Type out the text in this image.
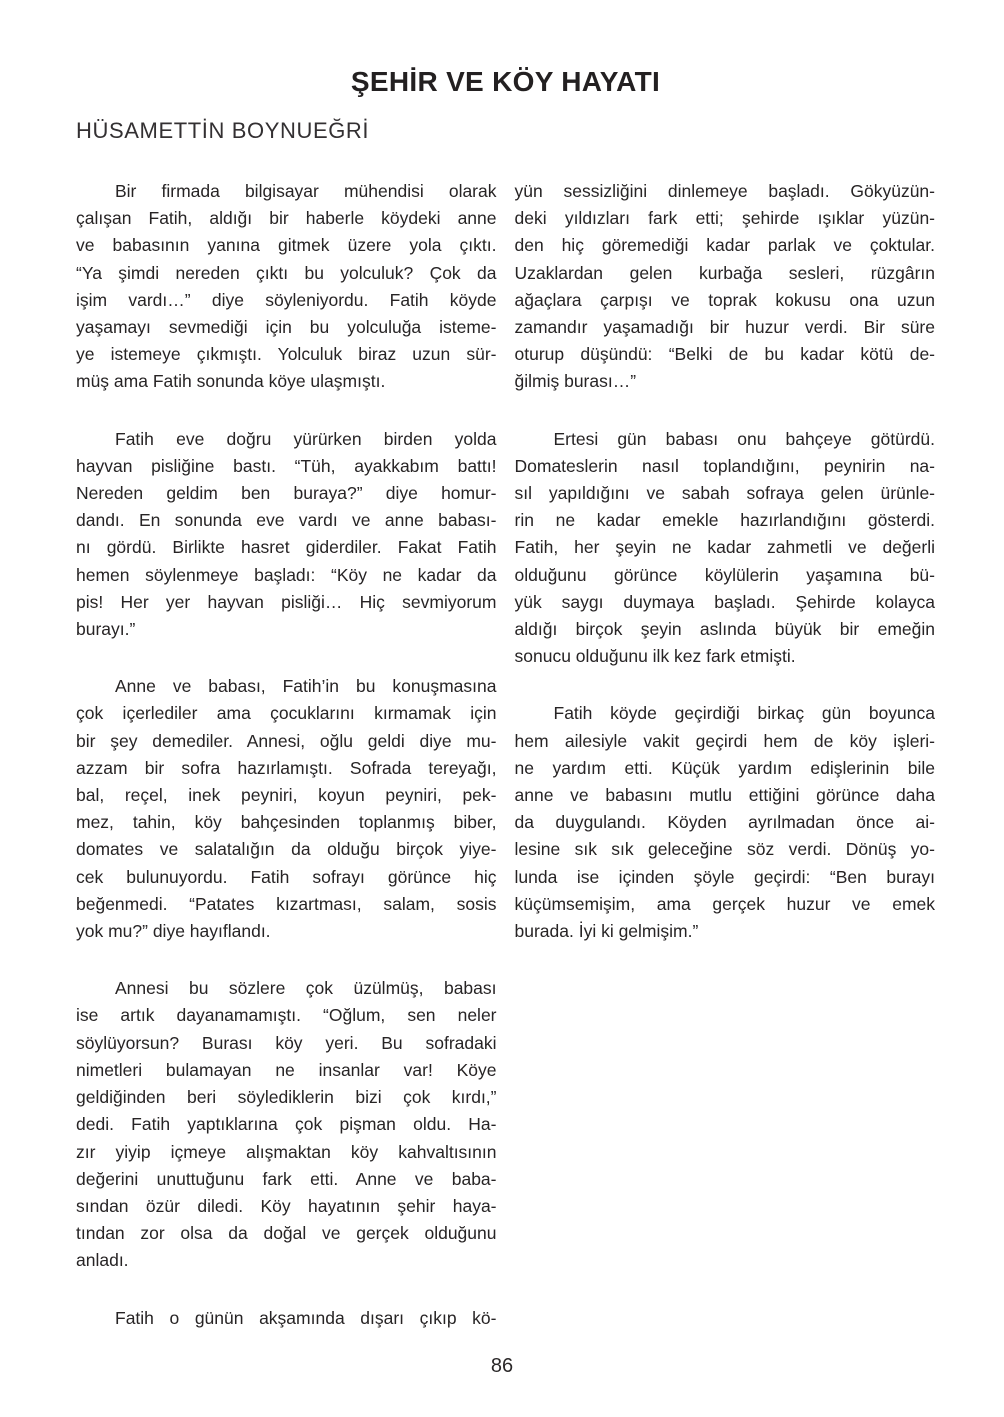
ŞEHİR VE KÖY HAYATI
HÜSAMETTİN BOYNUEĞRİ
Bir firmada bilgisayar mühendisi olarak
çalışan Fatih, aldığı bir haberle köydeki anne
ve babasının yanına gitmek üzere yola çıktı.
“Ya şimdi nereden çıktı bu yolculuk? Çok da
işim vardı…” diye söyleniyordu. Fatih köyde
yaşamayı sevmediği için bu yolculuğa isteme-
ye istemeye çıkmıştı. Yolculuk biraz uzun sür-
müş ama Fatih sonunda köye ulaşmıştı.
Fatih eve doğru yürürken birden yolda
hayvan pisliğine bastı. “Tüh, ayakkabım battı!
Nereden geldim ben buraya?” diye homur-
dandı. En sonunda eve vardı ve anne babası-
nı gördü. Birlikte hasret giderdiler. Fakat Fatih
hemen söylenmeye başladı: “Köy ne kadar da
pis! Her yer hayvan pisliği… Hiç sevmiyorum
burayı.”
Anne ve babası, Fatih’in bu konuşmasına
çok içerlediler ama çocuklarını kırmamak için
bir şey demediler. Annesi, oğlu geldi diye mu-
azzam bir sofra hazırlamıştı. Sofrada tereyağı,
bal, reçel, inek peyniri, koyun peyniri, pek-
mez, tahin, köy bahçesinden toplanmış biber,
domates ve salatalığın da olduğu birçok yiye-
cek bulunuyordu. Fatih sofrayı görünce hiç
beğenmedi. “Patates kızartması, salam, sosis
yok mu?” diye hayıflandı.
Annesi bu sözlere çok üzülmüş, babası
ise artık dayanamamıştı. “Oğlum, sen neler
söylüyorsun? Burası köy yeri. Bu sofradaki
nimetleri bulamayan ne insanlar var! Köye
geldiğinden beri söylediklerin bizi çok kırdı,”
dedi. Fatih yaptıklarına çok pişman oldu. Ha-
zır yiyip içmeye alışmaktan köy kahvaltısının
değerini unuttuğunu fark etti. Anne ve baba-
sından özür diledi. Köy hayatının şehir haya-
tından zor olsa da doğal ve gerçek olduğunu
anladı.
Fatih o günün akşamında dışarı çıkıp kö-
yün sessizliğini dinlemeye başladı. Gökyüzün-
deki yıldızları fark etti; şehirde ışıklar yüzün-
den hiç göremediği kadar parlak ve çoktular.
Uzaklardan gelen kurbağa sesleri, rüzgârın
ağaçlara çarpışı ve toprak kokusu ona uzun
zamandır yaşamadığı bir huzur verdi. Bir süre
oturup düşündü: “Belki de bu kadar kötü de-
ğilmiş burası…”
Ertesi gün babası onu bahçeye götürdü.
Domateslerin nasıl toplandığını, peynirin na-
sıl yapıldığını ve sabah sofraya gelen ürünle-
rin ne kadar emekle hazırlandığını gösterdi.
Fatih, her şeyin ne kadar zahmetli ve değerli
olduğunu görünce köylülerin yaşamına bü-
yük saygı duymaya başladı. Şehirde kolayca
aldığı birçok şeyin aslında büyük bir emeğin
sonucu olduğunu ilk kez fark etmişti.
Fatih köyde geçirdiği birkaç gün boyunca
hem ailesiyle vakit geçirdi hem de köy işleri-
ne yardım etti. Küçük yardım edişlerinin bile
anne ve babasını mutlu ettiğini görünce daha
da duygulandı. Köyden ayrılmadan önce ai-
lesine sık sık geleceğine söz verdi. Dönüş yo-
lunda ise içinden şöyle geçirdi: “Ben burayı
küçümsemişim, ama gerçek huzur ve emek
burada. İyi ki gelmişim.”
86
